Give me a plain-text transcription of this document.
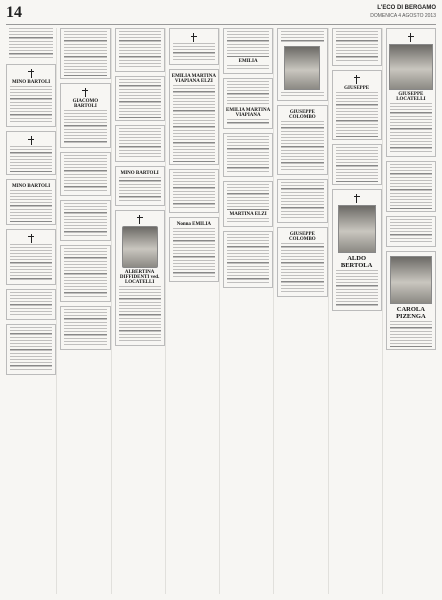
14	L'ECO DI BERGAMO
DOMENICA 4 AGOSTO 2013
MINO BARTOLI
MINO BARTOLI
GIACOMO BARTOLI
MINO BARTOLI
ALBERTINA DIFFIDENTI ved. LOCATELLI
EMILIA MARTINA VIAPIANA ELZI
Nonna EMILIA
EMILIA
EMILIA MARTINA VIAPIANA
MARTINA ELZI
GIUSEPPE COLOMBO
GIUSEPPE COLOMBO
GIUSEPPE
ALDO BERTOLA
GIUSEPPE LOCATELLI
CAROLA PIZENGA
